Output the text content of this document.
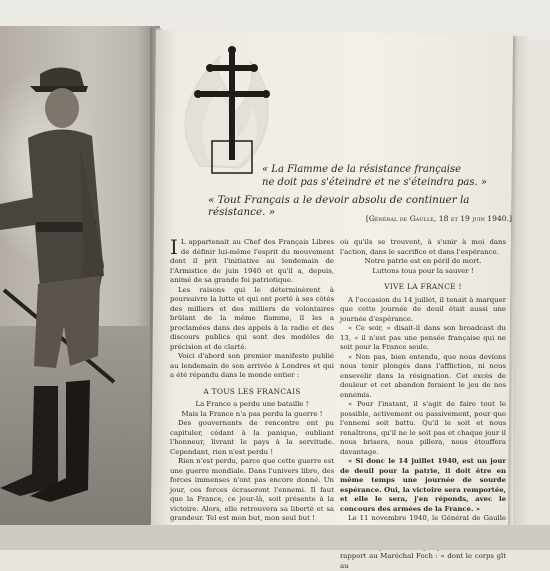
« La Flamme de la résistance française
ne doit pas s'éteindre et ne s'éteindra pas. »
« Tout Français a le devoir absolu de continuer la résistance. »
[Général de Gaulle, 18 et 19 juin 1940.]

I L appartenait au Chef des Français Libres de définir lui-même l'esprit du mouvement dont il prit l'initiative au lendemain de l'Armistice de juin 1940 et qu'il a, depuis, animé de sa grande foi patriotique.

Les raisons qui le déterminèrent à poursuivre la lutte et qui ont porté à ses côtés des milliers et des milliers de volontaires brûlant de la même flamme, il les a proclamées dans des appels à la radio et des discours publics qui sont des modèles de précision et de clarté.

Voici d'abord son premier manifeste publié au lendemain de son arrivée à Londres et qui a été répandu dans le monde entier :

A TOUS LES FRANCAIS

La France a perdu une bataille !

Mais la France n'a pas perdu la guerre !

Des gouvernants de rencontre ont pu capituler, cédant à la panique, oubliant l'honneur, livrant le pays à la servitude. Cependant, rien n'est perdu !

Rien n'est perdu, parce que cette guerre est une guerre mondiale. Dans l'univers libre, des forces immenses n'ont pas encore donné. Un jour, ces forces écraseront l'ennemi. Il faut que la France, ce jour-là, soit présente à la victoire. Alors, elle retrouvera sa liberté et sa grandeur. Tel est mon but, mon seul but !

où qu'ils se trouvent, à s'unir à moi dans l'action, dans le sacrifice et dans l'espérance.

Notre patrie est en péril de mort.

Luttons tous pour la sauver !

VIVE LA FRANCE !

A l'occasion du 14 juillet, il tenait à marquer que cette journée de deuil était aussi une journée d'espérance.

« Ce soir, » disait-il dans son broadcast du 13, « il n'est pas une pensée française qui ne soit pour la France seule.

« Non pas, bien entendu, que nous devions nous tenir plongés dans l'affliction, ni nous ensevelir dans la résignation. Cet excès de douleur et cet abandon feraient le jeu de nos ennemis.

« Pour l'instant, il s'agit de faire tout le possible, activement ou passivement, pour que l'ennemi soit battu. Qu'il le soit et nous renaîtrons, qu'il ne le soit pas et chaque jour il nous brisera, nous pillera, nous étouffera davantage.

« Si donc le 14 juillet 1940, est un jour de deuil pour la patrie, il doit être en même temps une journée de sourde espérance. Oui, la victoire sera remportée, et elle le sera, j'en réponds, avec le concours des armées de la France. »

Le 11 novembre 1940, le Général de Gaulle rapport au Maréchal Foch : « dont le corps gît au
